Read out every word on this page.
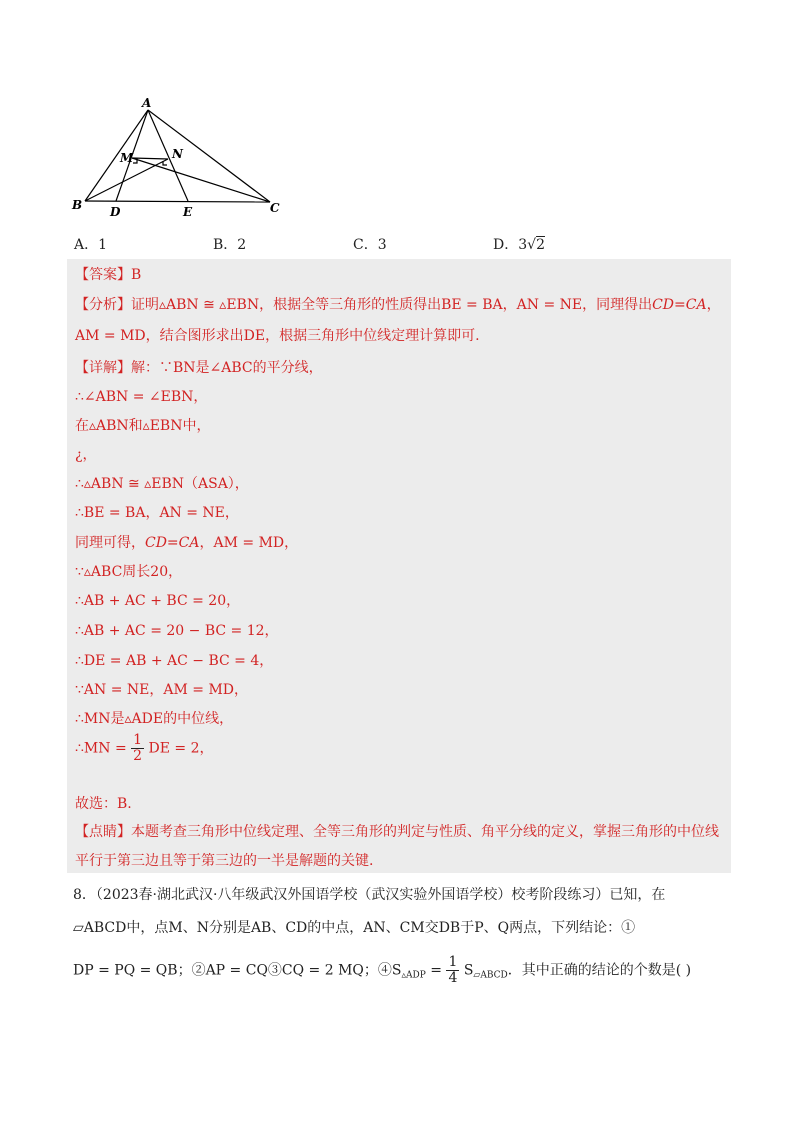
A
B	C
D	E
M	N
A．1	B．2	C．3	D．3√2
【答案】B
【分析】证明▵ABN ≅ ▵EBN，根据全等三角形的性质得出BE = BA，AN = NE，同理得出CD=CA，
AM = MD，结合图形求出DE，根据三角形中位线定理计算即可.
【详解】解：∵BN是∠ABC的平分线，
∴∠ABN = ∠EBN，
在▵ABN和▵EBN中，
¿，
∴▵ABN ≅ ▵EBN（ASA），
∴BE = BA，AN = NE，
同理可得，CD=CA，AM = MD，
∵▵ABC周长20，
∴AB + AC + BC = 20，
∴AB + AC = 20 − BC = 12，
∴DE = AB + AC − BC = 4，
∵AN = NE，AM = MD，
∴MN是▵ADE的中位线，
∴MN = $\frac{1}{2}$ DE = 2，
故选：B.
【点睛】本题考查三角形中位线定理、全等三角形的判定与性质、角平分线的定义，掌握三角形的中位线
平行于第三边且等于第三边的一半是解题的关键.
8．（2023春·湖北武汉·八年级武汉外国语学校（武汉实验外国语学校）校考阶段练习）已知，在
▱ABCD中，点M、N分别是AB、CD的中点，AN、CM交DB于P、Q两点，下列结论：①
DP = PQ = QB；②AP = CQ③CQ = 2 MQ；$④S_{▵ADP} = \frac{1}{4} S_{▱ABCD}$．其中正确的结论的个数是( )
